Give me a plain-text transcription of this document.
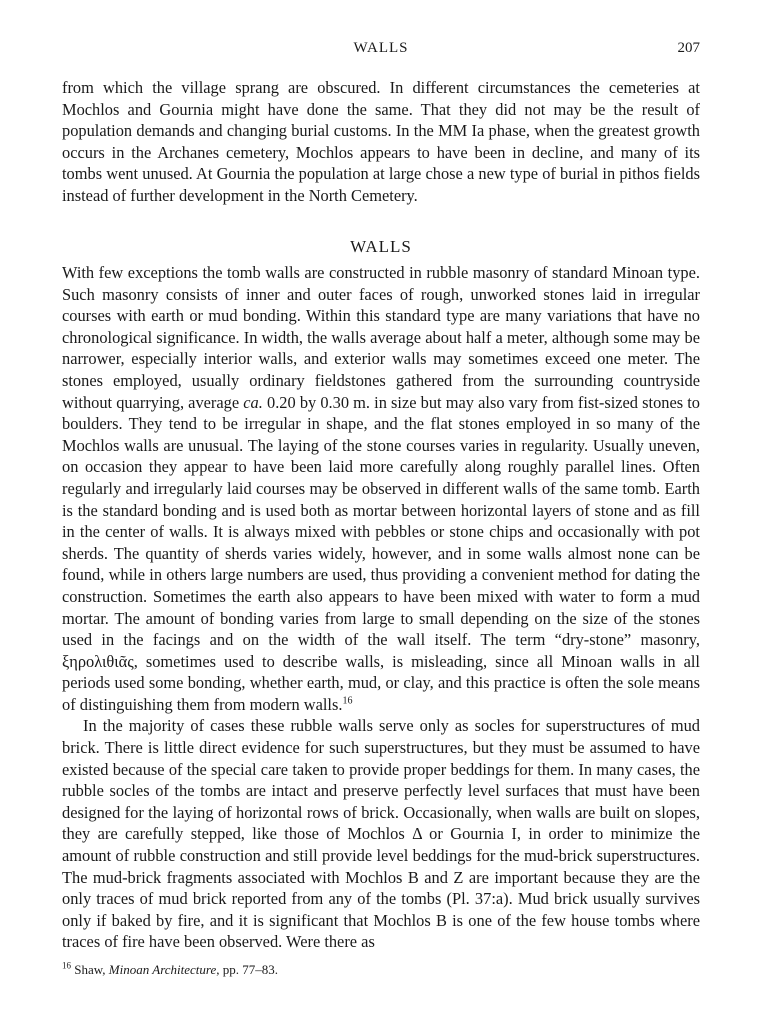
WALLS	207

from which the village sprang are obscured. In different circumstances the cemeteries at Mochlos and Gournia might have done the same. That they did not may be the result of population demands and changing burial customs. In the MM Ia phase, when the greatest growth occurs in the Archanes cemetery, Mochlos appears to have been in decline, and many of its tombs went unused. At Gournia the population at large chose a new type of burial in pithos fields instead of further development in the North Cemetery.

WALLS

With few exceptions the tomb walls are constructed in rubble masonry of standard Minoan type. Such masonry consists of inner and outer faces of rough, unworked stones laid in irregular courses with earth or mud bonding. Within this standard type are many variations that have no chronological significance. In width, the walls average about half a meter, although some may be narrower, especially interior walls, and exterior walls may sometimes exceed one meter. The stones employed, usually ordinary fieldstones gathered from the surrounding countryside without quarrying, average ca. 0.20 by 0.30 m. in size but may also vary from fist-sized stones to boulders. They tend to be irregular in shape, and the flat stones employed in so many of the Mochlos walls are unusual. The laying of the stone courses varies in regularity. Usually uneven, on occasion they appear to have been laid more carefully along roughly parallel lines. Often regularly and irregularly laid courses may be observed in different walls of the same tomb. Earth is the standard bonding and is used both as mortar between horizontal layers of stone and as fill in the center of walls. It is always mixed with pebbles or stone chips and occasionally with pot sherds. The quantity of sherds varies widely, however, and in some walls almost none can be found, while in others large numbers are used, thus providing a convenient method for dating the construction. Sometimes the earth also appears to have been mixed with water to form a mud mortar. The amount of bonding varies from large to small depending on the size of the stones used in the facings and on the width of the wall itself. The term “dry-stone” masonry, ξηρολιθιᾶς, sometimes used to describe walls, is misleading, since all Minoan walls in all periods used some bonding, whether earth, mud, or clay, and this practice is often the sole means of distinguishing them from modern walls.$^{16}$

In the majority of cases these rubble walls serve only as socles for superstructures of mud brick. There is little direct evidence for such superstructures, but they must be assumed to have existed because of the special care taken to provide proper beddings for them. In many cases, the rubble socles of the tombs are intact and preserve perfectly level surfaces that must have been designed for the laying of horizontal rows of brick. Occasionally, when walls are built on slopes, they are carefully stepped, like those of Mochlos Δ or Gournia I, in order to minimize the amount of rubble construction and still provide level beddings for the mud-brick superstructures. The mud-brick fragments associated with Mochlos B and Z are important because they are the only traces of mud brick reported from any of the tombs (Pl. 37:a). Mud brick usually survives only if baked by fire, and it is significant that Mochlos B is one of the few house tombs where traces of fire have been observed. Were there as

$^{16}$ Shaw, Minoan Architecture, pp. 77–83.
